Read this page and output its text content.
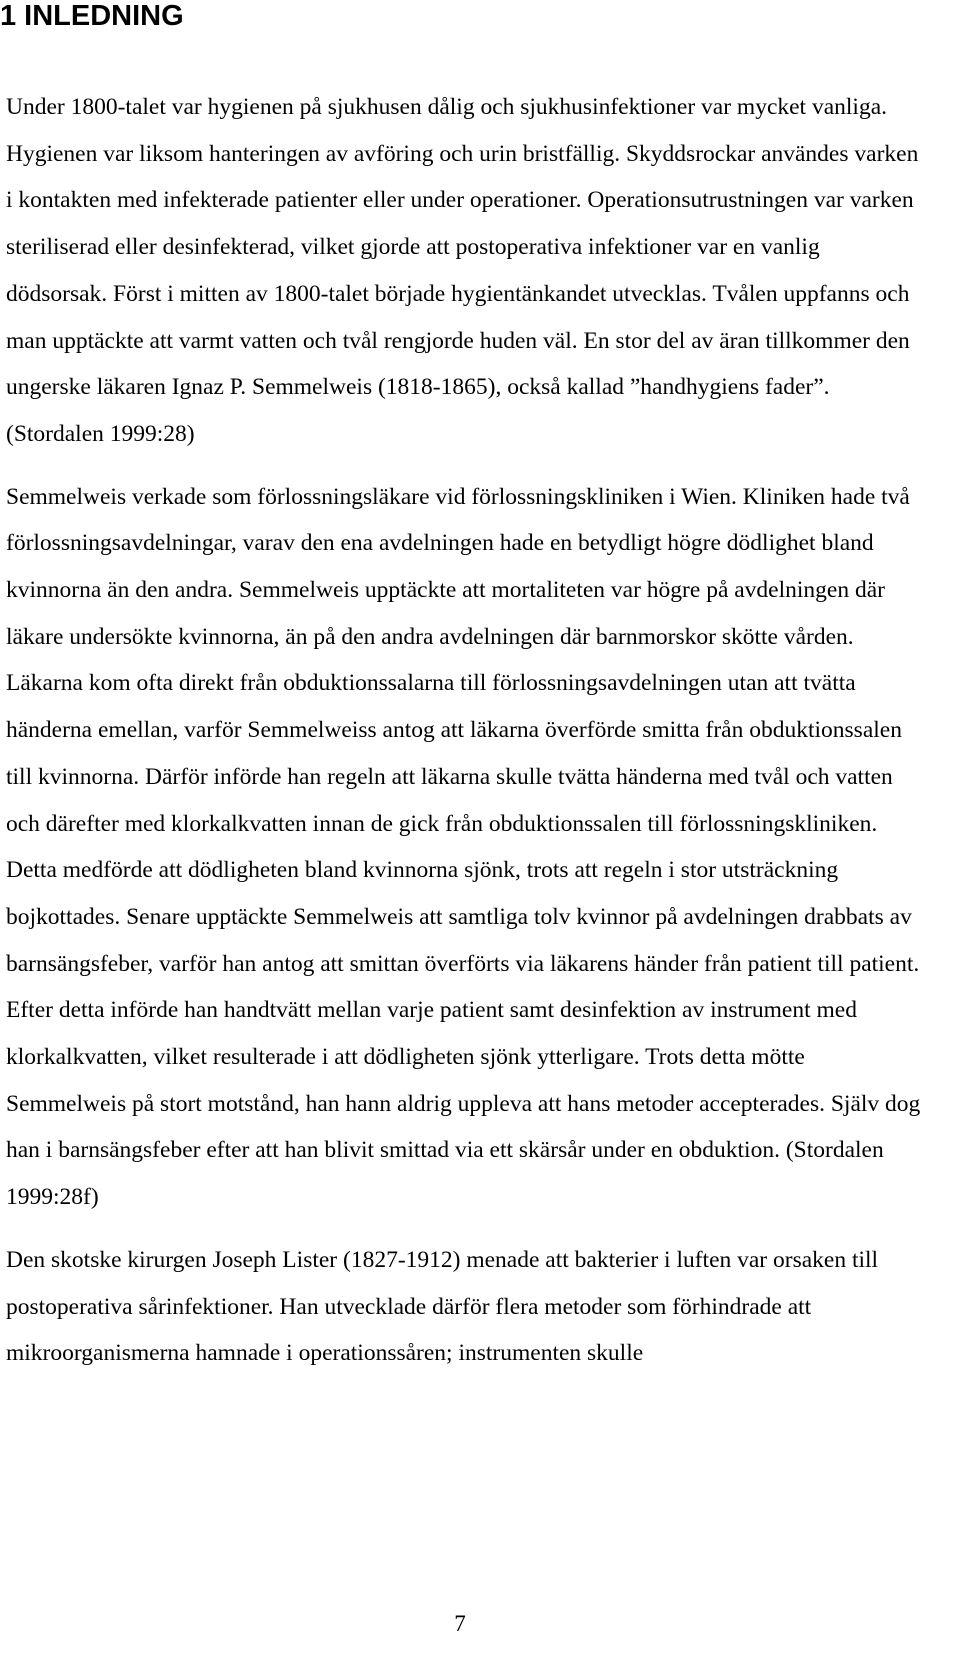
1 INLEDNING

Under 1800-talet var hygienen på sjukhusen dålig och sjukhusinfektioner var mycket vanliga. Hygienen var liksom hanteringen av avföring och urin bristfällig. Skyddsrockar användes varken i kontakten med infekterade patienter eller under operationer. Operationsutrustningen var varken steriliserad eller desinfekterad, vilket gjorde att postoperativa infektioner var en vanlig dödsorsak. Först i mitten av 1800-talet började hygientänkandet utvecklas. Tvålen uppfanns och man upptäckte att varmt vatten och tvål rengjorde huden väl. En stor del av äran tillkommer den ungerske läkaren Ignaz P. Semmelweis (1818-1865), också kallad ”handhygiens fader”. (Stordalen 1999:28)

Semmelweis verkade som förlossningsläkare vid förlossningskliniken i Wien. Kliniken hade två förlossningsavdelningar, varav den ena avdelningen hade en betydligt högre dödlighet bland kvinnorna än den andra. Semmelweis upptäckte att mortaliteten var högre på avdelningen där läkare undersökte kvinnorna, än på den andra avdelningen där barnmorskor skötte vården. Läkarna kom ofta direkt från obduktionssalarna till förlossningsavdelningen utan att tvätta händerna emellan, varför Semmelweiss antog att läkarna överförde smitta från obduktionssalen till kvinnorna. Därför införde han regeln att läkarna skulle tvätta händerna med tvål och vatten och därefter med klorkalkvatten innan de gick från obduktionssalen till förlossningskliniken. Detta medförde att dödligheten bland kvinnorna sjönk, trots att regeln i stor utsträckning bojkottades. Senare upptäckte Semmelweis att samtliga tolv kvinnor på avdelningen drabbats av barnsängsfeber, varför han antog att smittan överförts via läkarens händer från patient till patient. Efter detta införde han handtvätt mellan varje patient samt desinfektion av instrument med klorkalkvatten, vilket resulterade i att dödligheten sjönk ytterligare. Trots detta mötte Semmelweis på stort motstånd, han hann aldrig uppleva att hans metoder accepterades. Själv dog han i barnsängsfeber efter att han blivit smittad via ett skärsår under en obduktion. (Stordalen 1999:28f)

Den skotske kirurgen Joseph Lister (1827-1912) menade att bakterier i luften var orsaken till postoperativa sårinfektioner. Han utvecklade därför flera metoder som förhindrade att mikroorganismerna hamnade i operationssåren; instrumenten skulle

7
